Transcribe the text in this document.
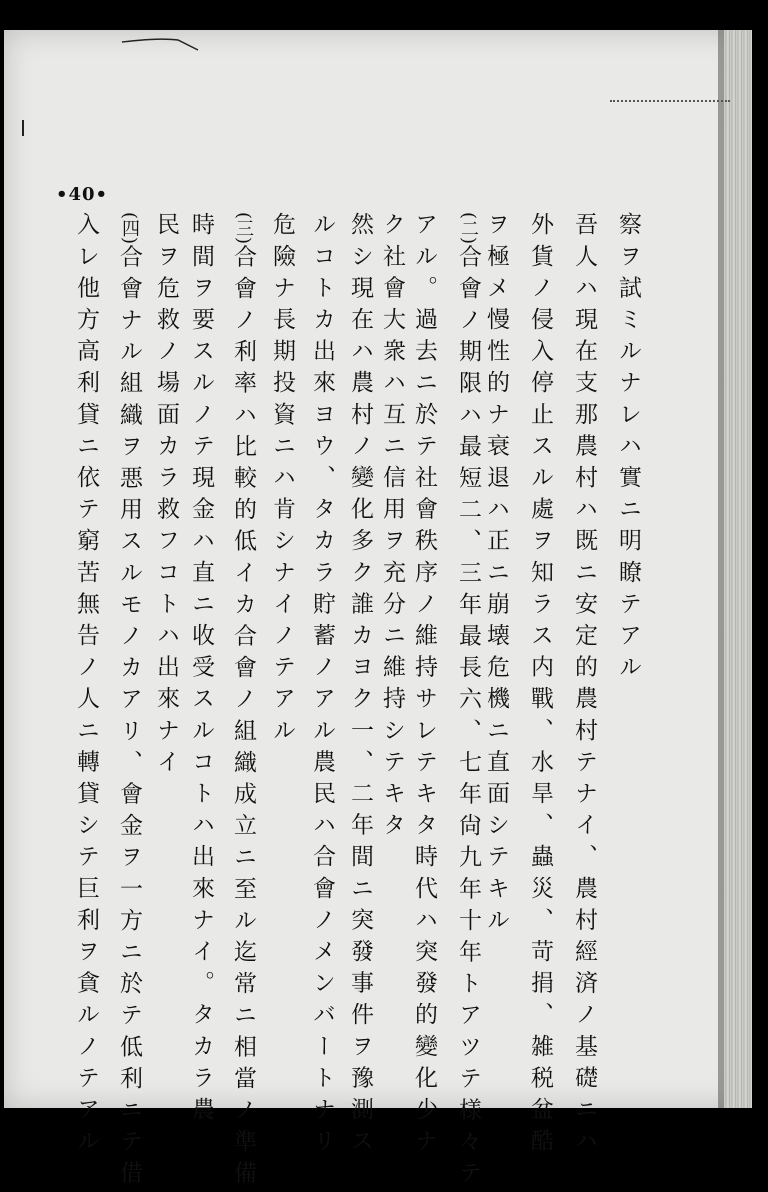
•40•
察ヲ試ミルナレハ實ニ明瞭テアル
吾人ハ現在支那農村ハ既ニ安定的農村テナイ、農村經済ノ基礎ニハ
外貨ノ侵入停止スル處ヲ知ラス内戰、水旱、蟲災、苛捐、雑税盆酷
ヲ極メ慢性的ナ衰退ハ正ニ崩壊危機ニ直面シテキル
(二)合會ノ期限ハ最短二、三年最長六、七年尙九年十年トアツテ様々テ
アル。過去ニ於テ社會秩序ノ維持サレテキタ時代ハ突發的變化少ナ
ク社會大衆ハ互ニ信用ヲ充分ニ維持シテキタ
然シ現在ハ農村ノ變化多ク誰カヨク一、二年間ニ突發事件ヲ豫測ス
ルコトカ出來ヨウ、タカラ貯蓄ノアル農民ハ合會ノメンバートナリ
危險ナ長期投資ニハ肯シナイノテアル
(三)合會ノ利率ハ比較的低イカ合會ノ組織成立ニ至ル迄常ニ相當ノ準備
時間ヲ要スルノテ現金ハ直ニ收受スルコトハ出來ナイ。タカラ農
民ヲ危救ノ場面カラ救フコトハ出來ナイ
(四)合會ナル組織ヲ悪用スルモノカアリ、會金ヲ一方ニ於テ低利ニテ借
入レ他方高利貸ニ依テ窮苦無告ノ人ニ轉貸シテ巨利ヲ貪ルノテアル
